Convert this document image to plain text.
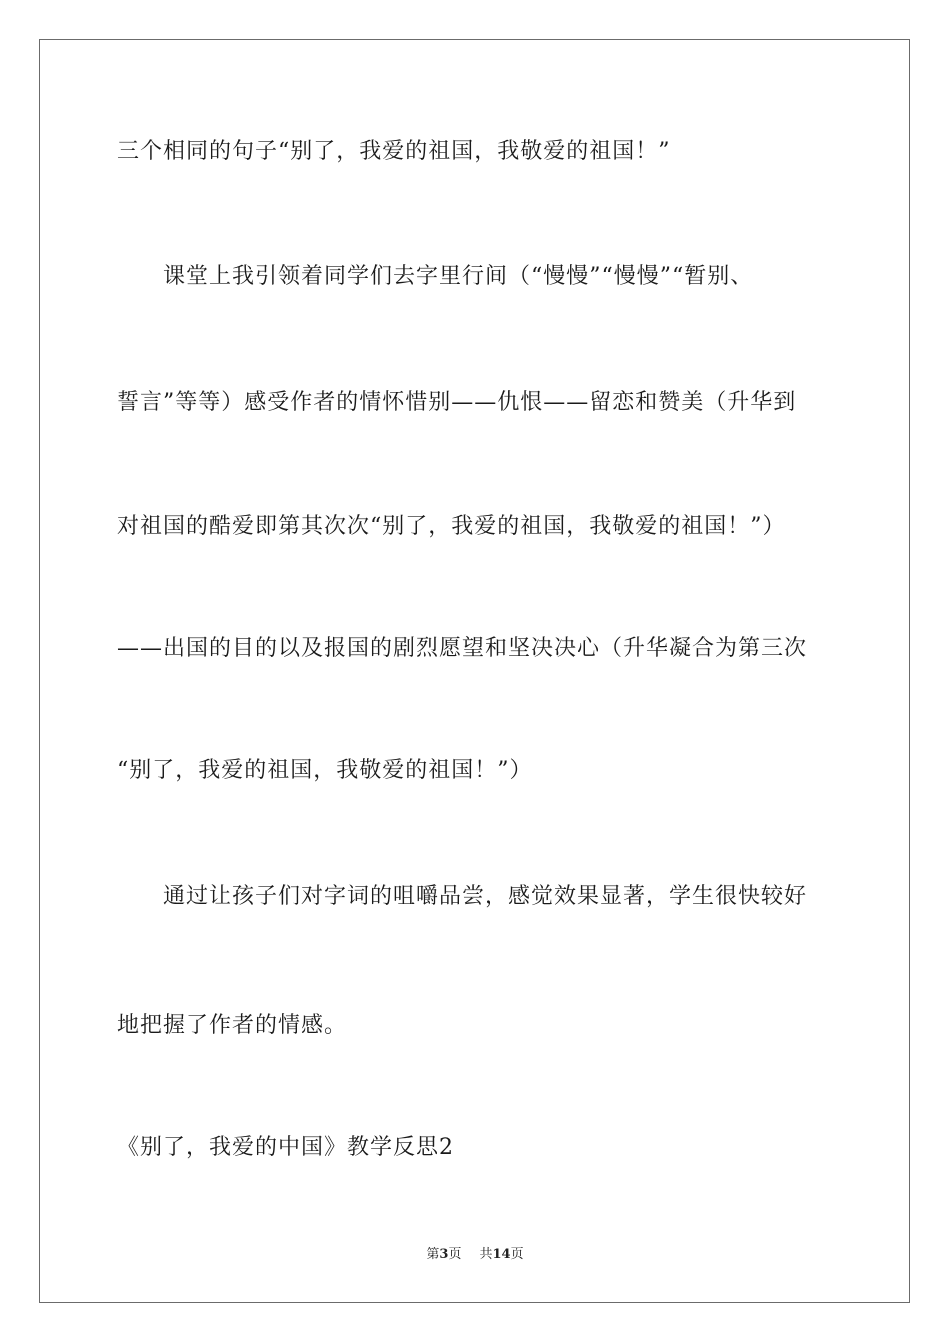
三个相同的句子“别了，我爱的祖国，我敬爱的祖国！”
课堂上我引领着同学们去字里行间（“慢慢”“慢慢”“暂别、
誓言”等等）感受作者的情怀惜别——仇恨——留恋和赞美（升华到
对祖国的酷爱即第其次次“别了，我爱的祖国，我敬爱的祖国！”）
——出国的目的以及报国的剧烈愿望和坚决决心（升华凝合为第三次
“别了，我爱的祖国，我敬爱的祖国！”）
通过让孩子们对字词的咀嚼品尝，感觉效果显著，学生很快较好
地把握了作者的情感。
《别了，我爱的中国》教学反思2
第3页 共14页
